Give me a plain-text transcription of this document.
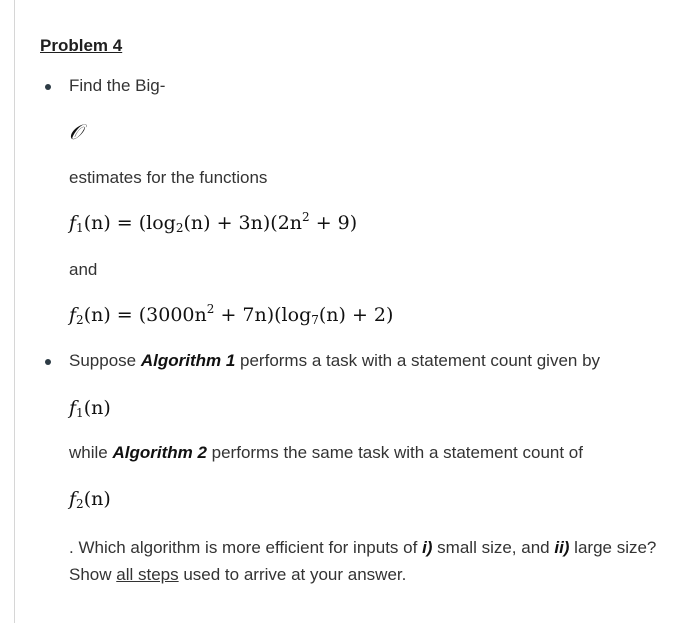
Problem 4
Find the Big-
𝒪
estimates for the functions
$f_1(n) = (\log_2(n) + 3n)(2n^2 + 9)$
and
$f_2(n) = (3000n^2 + 7n)(\log_7(n) + 2)$
Suppose Algorithm 1 performs a task with a statement count given by
$f_1(n)$
while Algorithm 2 performs the same task with a statement count of
$f_2(n)$
. Which algorithm is more efficient for inputs of i) small size, and ii) large size? Show all steps used to arrive at your answer.
